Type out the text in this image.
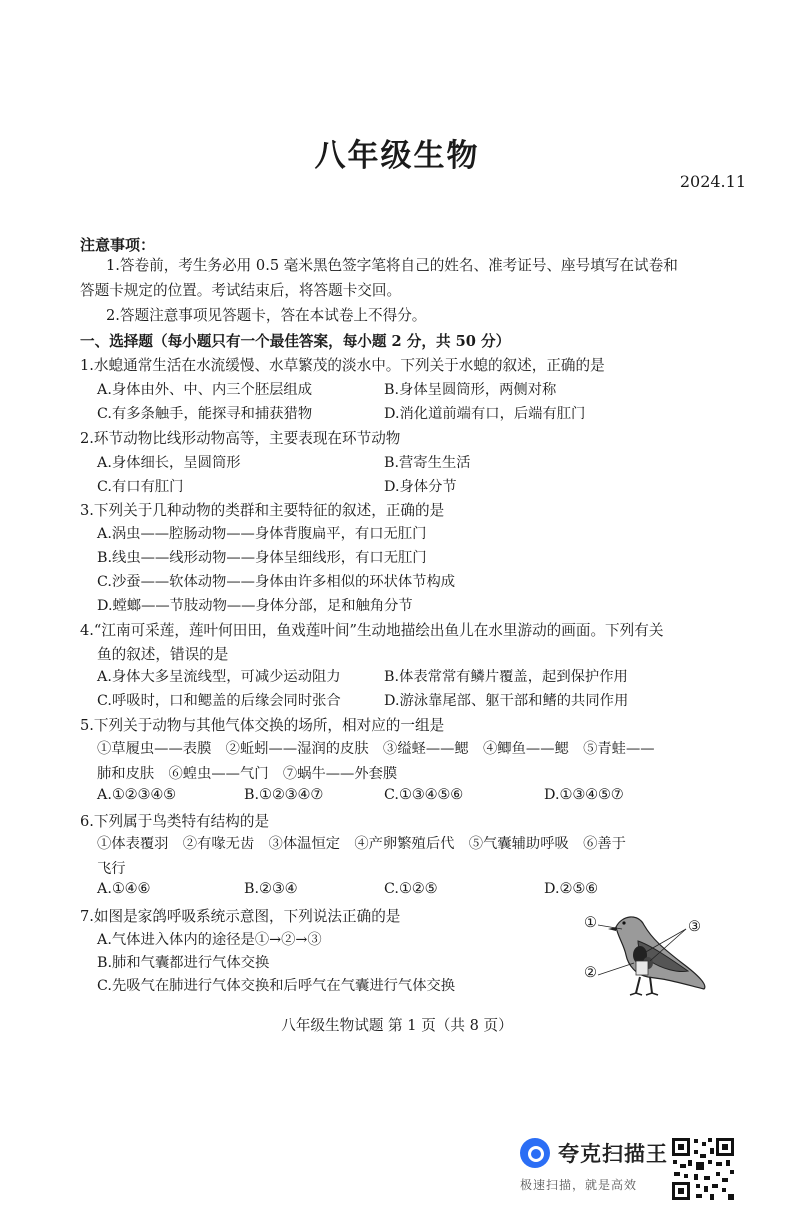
八年级生物
2024.11
注意事项：
1.答卷前，考生务必用 0.5 毫米黑色签字笔将自己的姓名、准考证号、座号填写在试卷和
答题卡规定的位置。考试结束后，将答题卡交回。
2.答题注意事项见答题卡，答在本试卷上不得分。
一、选择题（每小题只有一个最佳答案，每小题 2 分，共 50 分）
1.水螅通常生活在水流缓慢、水草繁茂的淡水中。下列关于水螅的叙述，正确的是
A.身体由外、中、内三个胚层组成	B.身体呈圆筒形，两侧对称
C.有多条触手，能探寻和捕获猎物	D.消化道前端有口，后端有肛门
2.环节动物比线形动物高等，主要表现在环节动物
A.身体细长，呈圆筒形	B.营寄生生活
C.有口有肛门	D.身体分节
3.下列关于几种动物的类群和主要特征的叙述，正确的是
A.涡虫——腔肠动物——身体背腹扁平，有口无肛门
B.线虫——线形动物——身体呈细线形，有口无肛门
C.沙蚕——软体动物——身体由许多相似的环状体节构成
D.螳螂——节肢动物——身体分部，足和触角分节
4.“江南可采莲，莲叶何田田，鱼戏莲叶间”生动地描绘出鱼儿在水里游动的画面。下列有关
鱼的叙述，错误的是
A.身体大多呈流线型，可减少运动阻力	B.体表常常有鳞片覆盖，起到保护作用
C.呼吸时，口和鳃盖的后缘会同时张合	D.游泳靠尾部、躯干部和鳍的共同作用
5.下列关于动物与其他气体交换的场所，相对应的一组是
①草履虫——表膜　②蚯蚓——湿润的皮肤　③缢蛏——鳃　④鲫鱼——鳃　⑤青蛙——
肺和皮肤　⑥蝗虫——气门　⑦蜗牛——外套膜
A.①②③④⑤	B.①②③④⑦	C.①③④⑤⑥	D.①③④⑤⑦
6.下列属于鸟类特有结构的是
①体表覆羽　②有喙无齿　③体温恒定　④产卵繁殖后代　⑤气囊辅助呼吸　⑥善于
飞行
A.①④⑥	B.②③④	C.①②⑤	D.②⑤⑥
7.如图是家鸽呼吸系统示意图，下列说法正确的是
A.气体进入体内的途径是①→②→③
B.肺和气囊都进行气体交换
C.先吸气在肺进行气体交换和后呼气在气囊进行气体交换
①
②
③
八年级生物试题 第 1 页（共 8 页）
夸克扫描王
极速扫描，就是高效
